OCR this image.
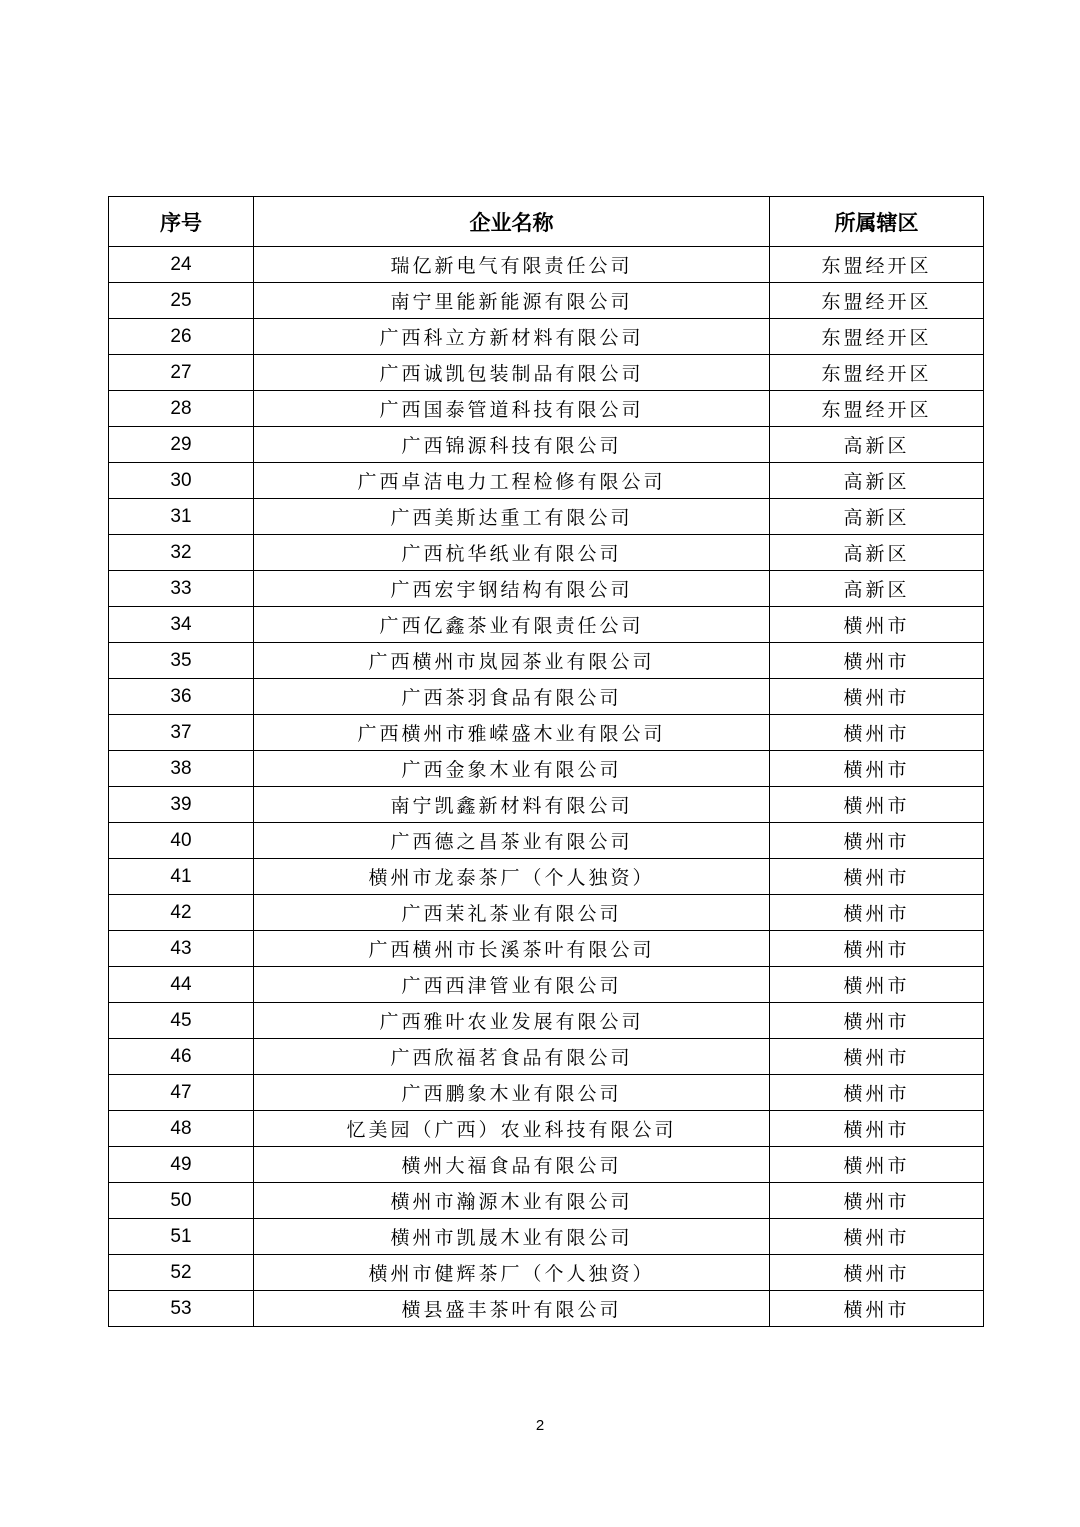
序号	企业名称	所属辖区
24	瑞亿新电气有限责任公司	东盟经开区
25	南宁里能新能源有限公司	东盟经开区
26	广西科立方新材料有限公司	东盟经开区
27	广西诚凯包装制品有限公司	东盟经开区
28	广西国泰管道科技有限公司	东盟经开区
29	广西锦源科技有限公司	高新区
30	广西卓洁电力工程检修有限公司	高新区
31	广西美斯达重工有限公司	高新区
32	广西杭华纸业有限公司	高新区
33	广西宏宇钢结构有限公司	高新区
34	广西亿鑫茶业有限责任公司	横州市
35	广西横州市岚园茶业有限公司	横州市
36	广西茶羽食品有限公司	横州市
37	广西横州市雅嵘盛木业有限公司	横州市
38	广西金象木业有限公司	横州市
39	南宁凯鑫新材料有限公司	横州市
40	广西德之昌茶业有限公司	横州市
41	横州市龙泰茶厂（个人独资）	横州市
42	广西茉礼茶业有限公司	横州市
43	广西横州市长溪茶叶有限公司	横州市
44	广西西津管业有限公司	横州市
45	广西雅叶农业发展有限公司	横州市
46	广西欣福茗食品有限公司	横州市
47	广西鹏象木业有限公司	横州市
48	忆美园（广西）农业科技有限公司	横州市
49	横州大福食品有限公司	横州市
50	横州市瀚源木业有限公司	横州市
51	横州市凯晟木业有限公司	横州市
52	横州市健辉茶厂（个人独资）	横州市
53	横县盛丰茶叶有限公司	横州市
2
